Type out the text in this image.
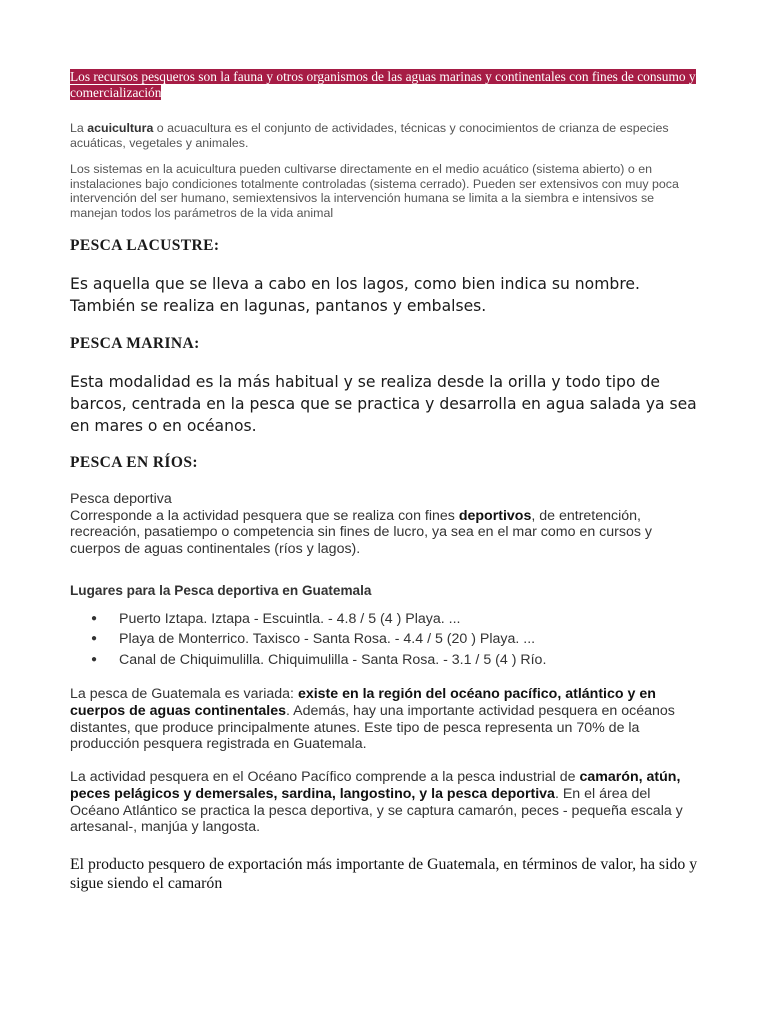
Los recursos pesqueros son la fauna y otros organismos de las aguas marinas y continentales con fines de consumo y comercialización

La acuicultura o acuacultura es el conjunto de actividades, técnicas y conocimientos de crianza de especies acuáticas, vegetales y animales.

Los sistemas en la acuicultura pueden cultivarse directamente en el medio acuático (sistema abierto) o en instalaciones bajo condiciones totalmente controladas (sistema cerrado). Pueden ser extensivos con muy poca intervención del ser humano, semiextensivos la intervención humana se limita a la siembra e intensivos se manejan todos los parámetros de la vida animal

PESCA LACUSTRE:

Es aquella que se lleva a cabo en los lagos, como bien indica su nombre. También se realiza en lagunas, pantanos y embalses.

PESCA MARINA:

Esta modalidad es la más habitual y se realiza desde la orilla y todo tipo de barcos, centrada en la pesca que se practica y desarrolla en agua salada ya sea en mares o en océanos.

PESCA EN RÍOS:

Pesca deportiva
Corresponde a la actividad pesquera que se realiza con fines deportivos, de entretención, recreación, pasatiempo o competencia sin fines de lucro, ya sea en el mar como en cursos y cuerpos de aguas continentales (ríos y lagos).

Lugares para la Pesca deportiva en Guatemala
● Puerto Iztapa. Iztapa - Escuintla. - 4.8 / 5 (4 ) Playa. ...
● Playa de Monterrico. Taxisco - Santa Rosa. - 4.4 / 5 (20 ) Playa. ...
● Canal de Chiquimulilla. Chiquimulilla - Santa Rosa. - 3.1 / 5 (4 ) Río.

La pesca de Guatemala es variada: existe en la región del océano pacífico, atlántico y en cuerpos de aguas continentales. Además, hay una importante actividad pesquera en océanos distantes, que produce principalmente atunes. Este tipo de pesca representa un 70% de la producción pesquera registrada en Guatemala.

La actividad pesquera en el Océano Pacífico comprende a la pesca industrial de camarón, atún, peces pelágicos y demersales, sardina, langostino, y la pesca deportiva. En el área del Océano Atlántico se practica la pesca deportiva, y se captura camarón, peces - pequeña escala y artesanal-, manjúa y langosta.

El producto pesquero de exportación más importante de Guatemala, en términos de valor, ha sido y sigue siendo el camarón
